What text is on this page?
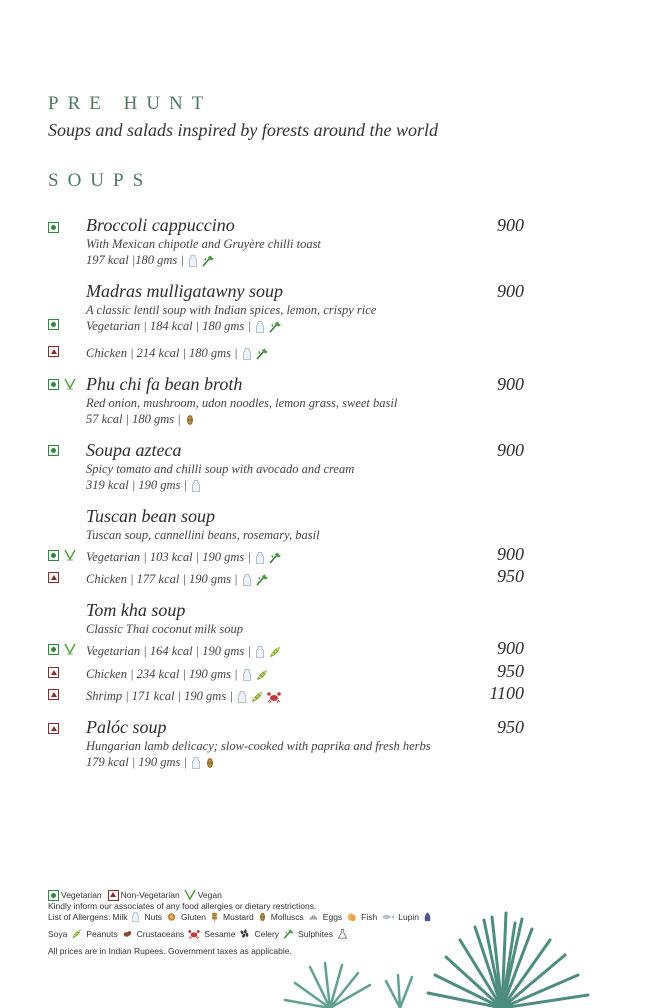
PRE HUNT
Soups and salads inspired by forests around the world
SOUPS
Broccoli cappuccino	900
With Mexican chipotle and Gruyère chilli toast
197 kcal |180 gms |
Madras mulligatawny soup	900
A classic lentil soup with Indian spices, lemon, crispy rice
Vegetarian | 184 kcal | 180 gms |
Chicken | 214 kcal | 180 gms |
Phu chi fa bean broth	900
Red onion, mushroom, udon noodles, lemon grass, sweet basil
57 kcal | 180 gms |
Soupa azteca	900
Spicy tomato and chilli soup with avocado and cream
319 kcal | 190 gms |
Tuscan bean soup
Tuscan soup, cannellini beans, rosemary, basil
Vegetarian | 103 kcal | 190 gms |	900
Chicken | 177 kcal | 190 gms |	950
Tom kha soup
Classic Thai coconut milk soup
Vegetarian | 164 kcal | 190 gms |	900
Chicken | 234 kcal | 190 gms |	950
Shrimp | 171 kcal | 190 gms |	1100
Palóc soup	950
Hungarian lamb delicacy; slow-cooked with paprika and fresh herbs
179 kcal | 190 gms |
Vegetarian Non-Vegetarian Vegan
Kindly inform our associates of any food allergies or dietary restrictions.
List of Allergens: Milk Nuts Gluten Mustard Molluscs Eggs Fish Lupin
Soya Peanuts Crustaceans Sesame Celery Sulphites
All prices are in Indian Rupees. Government taxes as applicable.
